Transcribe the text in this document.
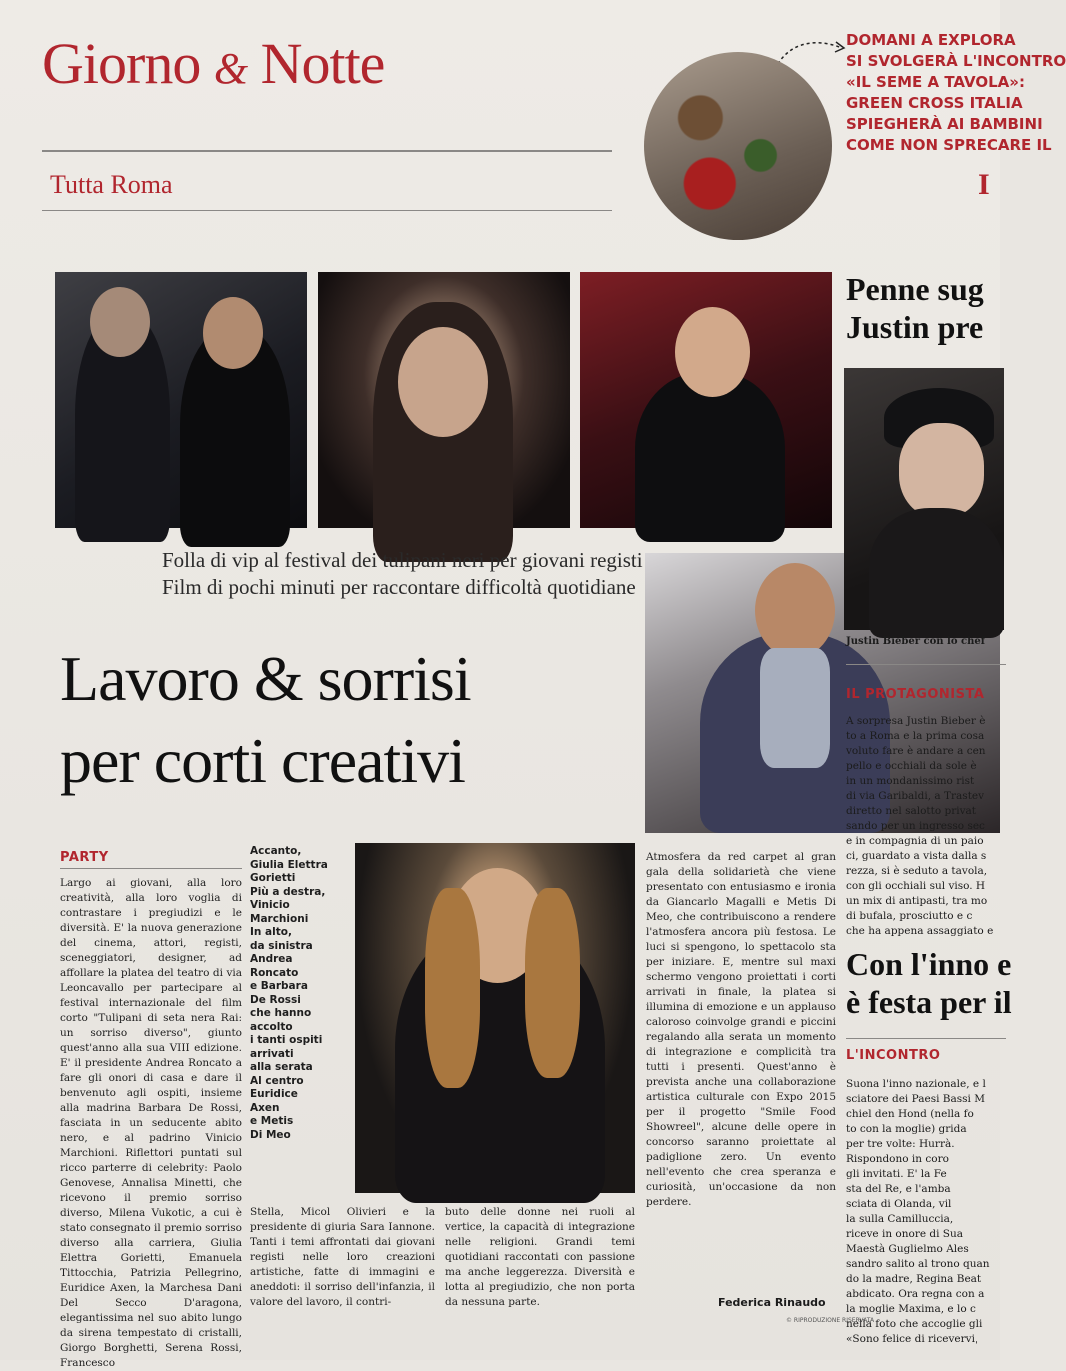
Giorno & Notte
Tutta Roma
DOMANI A EXPLORA
SI SVOLGERÀ L'INCONTRO
«IL SEME A TAVOLA»:
GREEN CROSS ITALIA
SPIEGHERÀ AI BAMBINI
COME NON SPRECARE IL
I
Folla di vip al festival dei tulipani neri per giovani registi
Film di pochi minuti per raccontare difficoltà quotidiane
Lavoro & sorrisi
per corti creativi
PARTY
Largo ai giovani, alla loro creatività, alla loro voglia di contrastare i pregiudizi e le diversità. E' la nuova generazione del cinema, attori, registi, sceneggiatori, designer, ad affollare la platea del teatro di via Leoncavallo per partecipare al festival internazionale del film corto "Tulipani di seta nera Rai: un sorriso diverso", giunto quest'anno alla sua VIII edizione. E' il presidente Andrea Roncato a fare gli onori di casa e dare il benvenuto agli ospiti, insieme alla madrina Barbara De Rossi, fasciata in un seducente abito nero, e al padrino Vinicio Marchioni. Riflettori puntati sul ricco parterre di celebrity: Paolo Genovese, Annalisa Minetti, che ricevono il premio sorriso diverso, Milena Vukotic, a cui è stato consegnato il premio sorriso diverso alla carriera, Giulia Elettra Gorietti, Emanuela Tittocchia, Patrizia Pellegrino, Euridice Axen, la Marchesa Dani Del Secco D'aragona, elegantissima nel suo abito lungo da sirena tempestato di cristalli, Giorgo Borghetti, Serena Rossi, Francesco
Accanto,
Giulia Elettra
Gorietti
Più a destra,
Vinicio
Marchioni
In alto,
da sinistra
Andrea
Roncato
e Barbara
De Rossi
che hanno
accolto
i tanti ospiti
arrivati
alla serata
Al centro
Euridice
Axen
e Metis
Di Meo
Stella, Micol Olivieri e la presidente di giuria Sara Iannone. Tanti i temi affrontati dai giovani registi nelle loro creazioni artistiche, fatte di immagini e aneddoti: il sorriso dell'infanzia, il valore del lavoro, il contri-
buto delle donne nei ruoli al vertice, la capacità di integrazione nelle religioni. Grandi temi quotidiani raccontati con passione ma anche leggerezza. Diversità e lotta al pregiudizio, che non porta da nessuna parte.
Atmosfera da red carpet al gran gala della solidarietà che viene presentato con entusiasmo e ironia da Giancarlo Magalli e Metis Di Meo, che contribuiscono a rendere l'atmosfera ancora più festosa. Le luci si spengono, lo spettacolo sta per iniziare. E, mentre sul maxi schermo vengono proiettati i corti arrivati in finale, la platea si illumina di emozione e un applauso caloroso coinvolge grandi e piccini regalando alla serata un momento di integrazione e complicità tra tutti i presenti. Quest'anno è prevista anche una collaborazione artistica culturale con Expo 2015 per il progetto "Smile Food Showreel", alcune delle opere in concorso saranno proiettate al padiglione zero. Un evento nell'evento che crea speranza e curiosità, un'occasione da non perdere.
Federica Rinaudo
© RIPRODUZIONE RISERVATA
Penne sug
Justin pre
Justin Bieber con lo chef
IL PROTAGONISTA
A sorpresa Justin Bieber è
to a Roma e la prima cosa
voluto fare è andare a cen
pello e occhiali da sole è
in un mondanissimo rist
di via Garibaldi, a Trastev
diretto nel salotto privat
sando per un ingresso sec
e in compagnia di un paio
ci, guardato a vista dalla s
rezza, si è seduto a tavola,
con gli occhiali sul viso. H
un mix di antipasti, tra mo
di bufala, prosciutto e c
che ha appena assaggiato e
Con l'inno e
è festa per il
L'INCONTRO
Suona l'inno nazionale, e l
sciatore dei Paesi Bassi M
chiel den Hond (nella fo
to con la moglie) grida
per tre volte: Hurrà.
Rispondono in coro
gli invitati. E' la Fe
sta del Re, e l'amba
sciata di Olanda, vil
la sulla Camilluccia,
riceve in onore di Sua
Maestà Guglielmo Ales
sandro salito al trono quan
do la madre, Regina Beat
abdicato. Ora regna con a
la moglie Maxima, e lo c
nella foto che accoglie gli
«Sono felice di riceverviˌ
